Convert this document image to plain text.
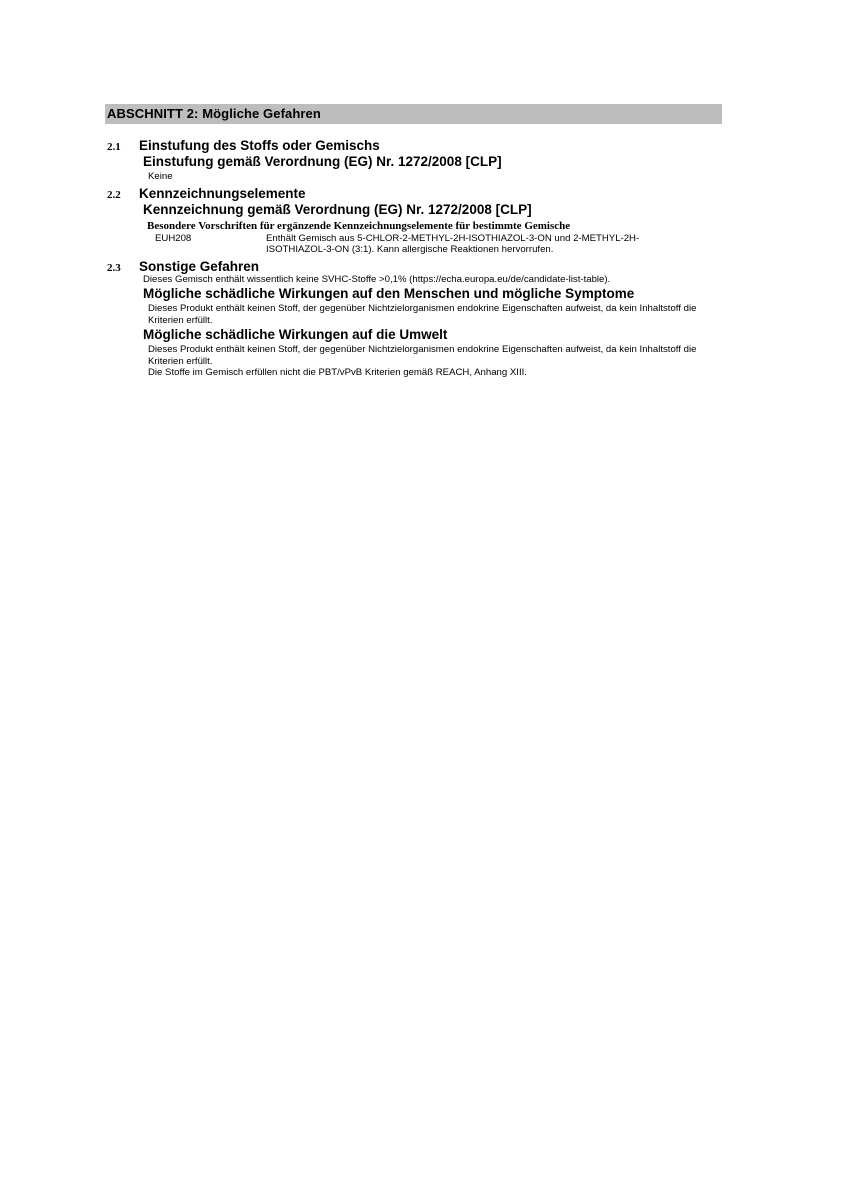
ABSCHNITT 2: Mögliche Gefahren
2.1	Einstufung des Stoffs oder Gemischs
Einstufung gemäß Verordnung (EG) Nr. 1272/2008 [CLP]
Keine
2.2	Kennzeichnungselemente
Kennzeichnung gemäß Verordnung (EG) Nr. 1272/2008 [CLP]
Besondere Vorschriften für ergänzende Kennzeichnungselemente für bestimmte Gemische
EUH208	Enthält Gemisch aus 5-CHLOR-2-METHYL-2H-ISOTHIAZOL-3-ON und 2-METHYL-2H-ISOTHIAZOL-3-ON (3:1). Kann allergische Reaktionen hervorrufen.
2.3	Sonstige Gefahren
Dieses Gemisch enthält wissentlich keine SVHC-Stoffe >0,1% (https://echa.europa.eu/de/candidate-list-table).
Mögliche schädliche Wirkungen auf den Menschen und mögliche Symptome
Dieses Produkt enthält keinen Stoff, der gegenüber Nichtzielorganismen endokrine Eigenschaften aufweist, da kein Inhaltstoff die Kriterien erfüllt.
Mögliche schädliche Wirkungen auf die Umwelt
Dieses Produkt enthält keinen Stoff, der gegenüber Nichtzielorganismen endokrine Eigenschaften aufweist, da kein Inhaltstoff die Kriterien erfüllt.
Die Stoffe im Gemisch erfüllen nicht die PBT/vPvB Kriterien gemäß REACH, Anhang XIII.
